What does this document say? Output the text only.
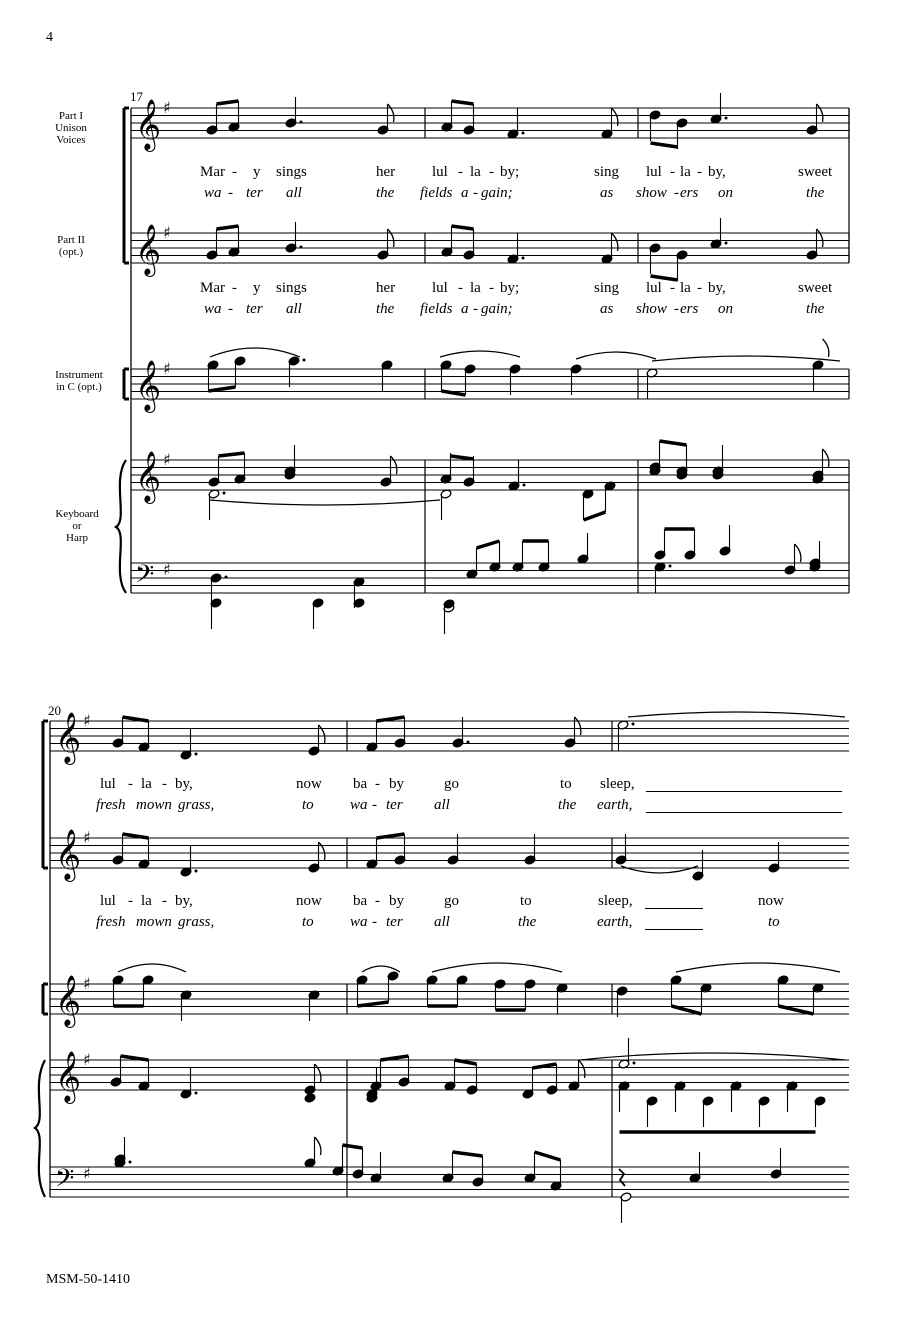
4
MSM-50-1410
Part I
Unison
Voices
Part II
(opt.)
Instrument
in C (opt.)
Keyboard
or
Harp
17
20
Mar - y sings	her lul - la - by;	sing lul - la - by,	sweet
wa - ter all	the fields a - gain;	as show - ers on	the
Mar - y sings	her lul - la - by;	sing lul - la - by,	sweet
wa - ter all	the fields a - gain;	as show - ers on	the
lul - la - by,	now ba - by	go	to sleep,
fresh mown grass,	to wa - ter all	the earth,
lul - la - by,	now ba - by	go	to	sleep,	now
fresh mown grass,	to wa - ter all	the	earth,	to
𝄞 ♯
𝄞 ♯
𝄞 ♯
𝄞 ♯
𝄢 ♯
𝄞 ♯
𝄞 ♯
𝄞 ♯
𝄞 ♯
𝄢 ♯
